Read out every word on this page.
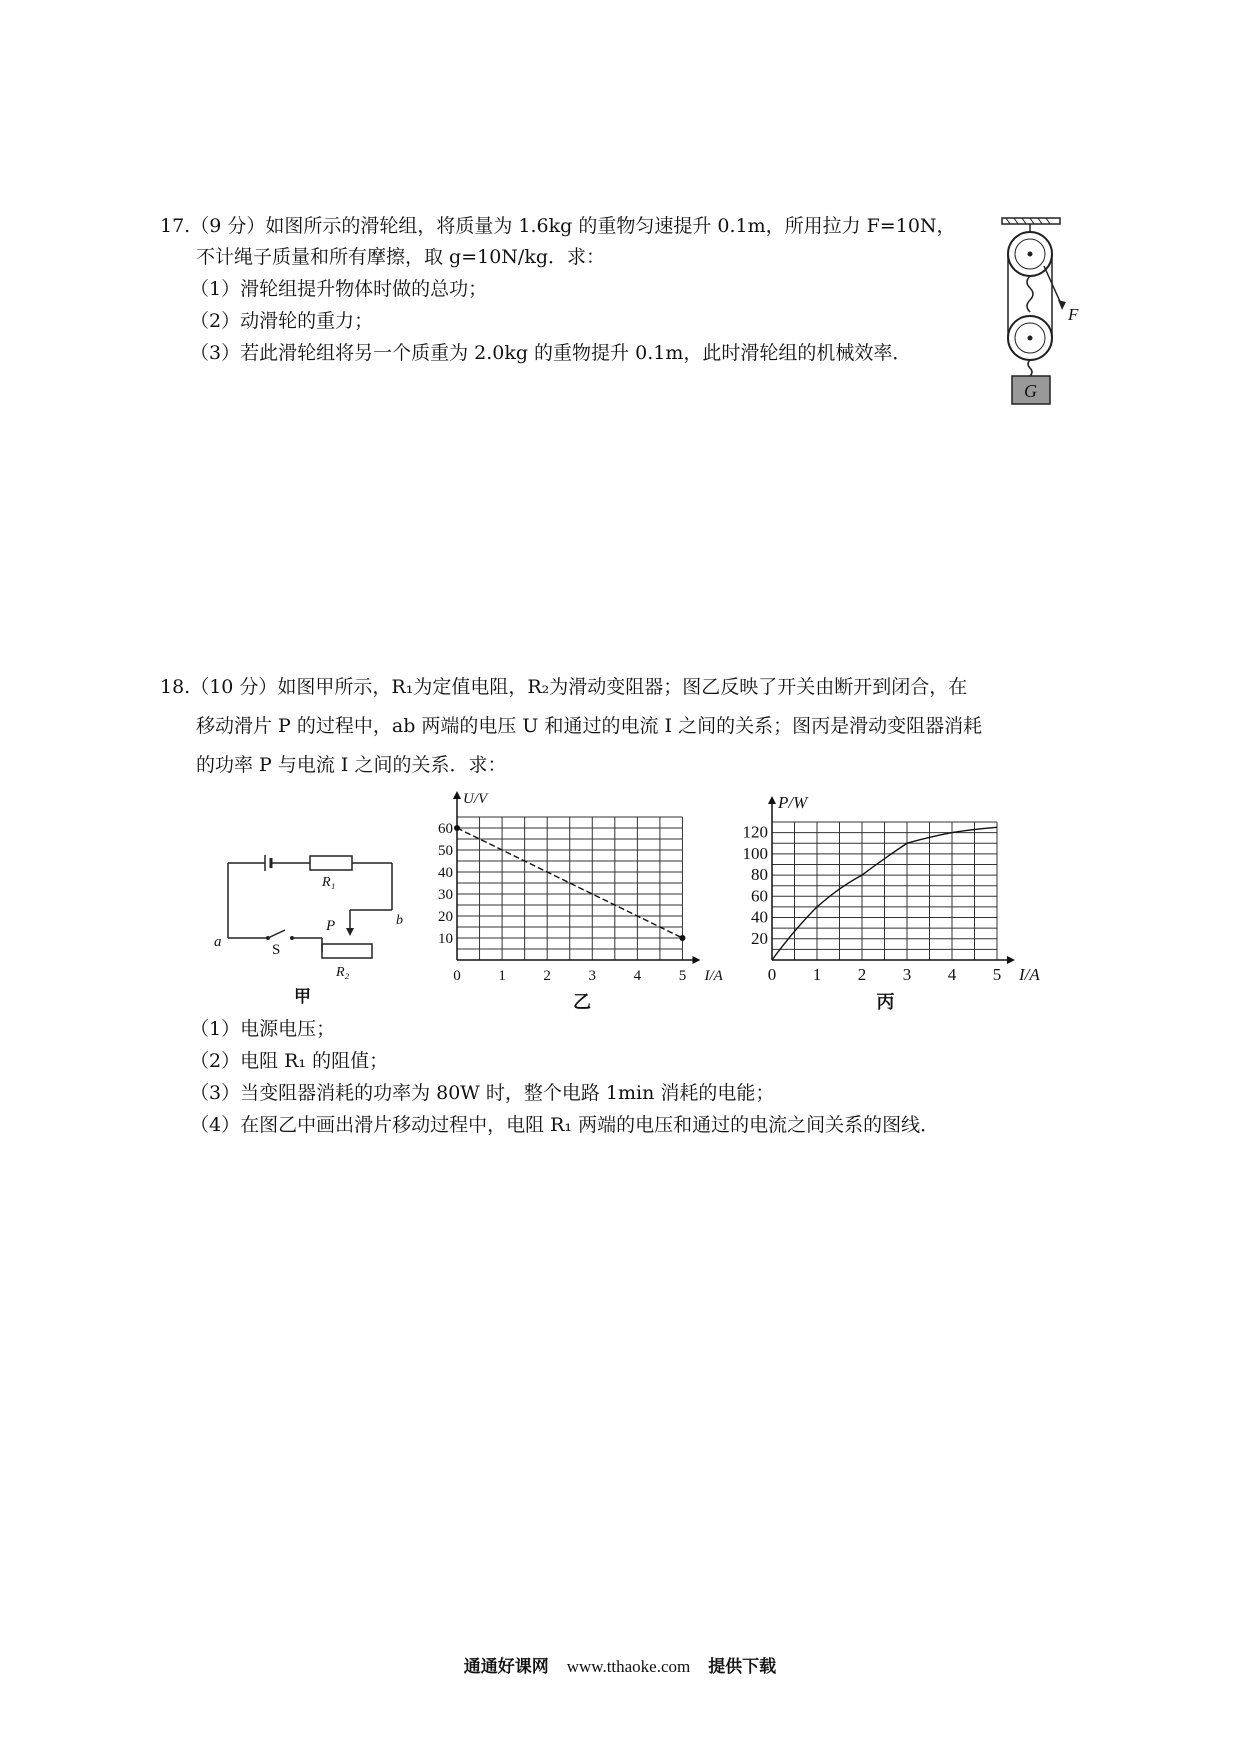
17.（9 分）如图所示的滑轮组，将质量为 1.6kg 的重物匀速提升 0.1m，所用拉力 F=10N，
不计绳子质量和所有摩擦，取 g=10N/kg．求：
（1）滑轮组提升物体时做的总功；
（2）动滑轮的重力；
（3）若此滑轮组将另一个质重为 2.0kg 的重物提升 0.1m，此时滑轮组的机械效率．
F
G
18.（10 分）如图甲所示，R₁为定值电阻，R₂为滑动变阻器；图乙反映了开关由断开到闭合，在
移动滑片 P 的过程中，ab 两端的电压 U 和通过的电流 I 之间的关系；图丙是滑动变阻器消耗
的功率 P 与电流 I 之间的关系．求：
R₁
b
P
a	S
R₂
甲
0	1	2	3	4	5
10
20
30
40
50
60
I/A
U/V
乙
0 1 2 3 4 5
20
40
60
80
100
120
I/A
P/W
丙
（1）电源电压；
（2）电阻 R₁ 的阻值；
（3）当变阻器消耗的功率为 80W 时，整个电路 1min 消耗的电能；
（4）在图乙中画出滑片移动过程中，电阻 R₁ 两端的电压和通过的电流之间关系的图线．
通通好课网 www.tthaoke.com 提供下载
